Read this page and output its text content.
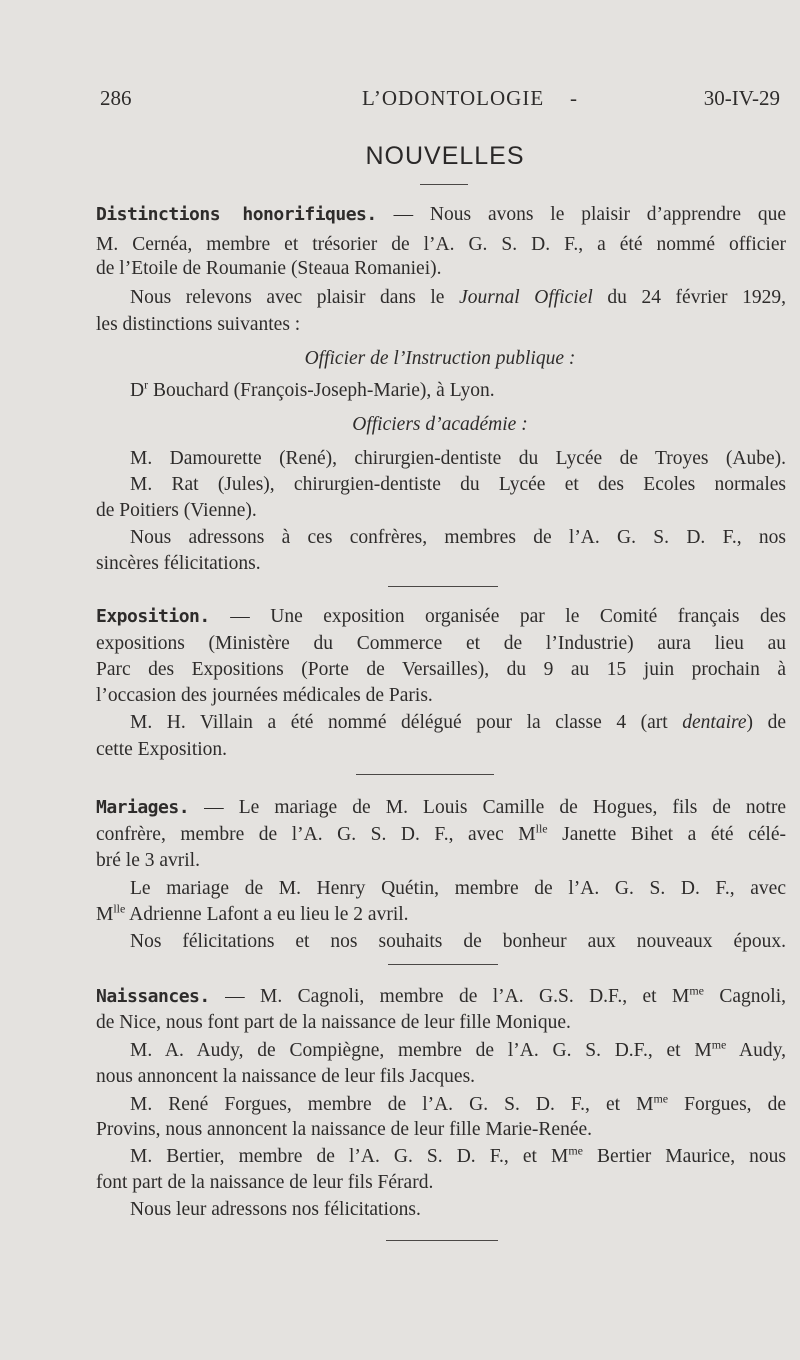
286	L’ODONTOLOGIE -	30-IV-29
NOUVELLES
Distinctions honorifiques. — Nous avons le plaisir d’apprendre que
M. Cernéa, membre et trésorier de l’A. G. S. D. F., a été nommé officier
de l’Etoile de Roumanie (Steaua Romaniei).
Nous relevons avec plaisir dans le Journal Officiel du 24 février 1929,
les distinctions suivantes :
Officier de l’Instruction publique :
$D^r$ Bouchard (François-Joseph-Marie), à Lyon.
Officiers d’académie :
M. Damourette (René), chirurgien-dentiste du Lycée de Troyes (Aube).
M. Rat (Jules), chirurgien-dentiste du Lycée et des Ecoles normales
de Poitiers (Vienne).
Nous adressons à ces confrères, membres de l’A. G. S. D. F., nos
sincères félicitations.
Exposition. — Une exposition organisée par le Comité français des
expositions (Ministère du Commerce et de l’Industrie) aura lieu au
Parc des Expositions (Porte de Versailles), du 9 au 15 juin prochain à
l’occasion des journées médicales de Paris.
M. H. Villain a été nommé délégué pour la classe 4 (art dentaire) de
cette Exposition.
Mariages. — Le mariage de M. Louis Camille de Hogues, fils de notre
confrère, membre de l’A. G. S. D. F., avec $M^{lle}$ Janette Bihet a été célé-
bré le 3 avril.
Le mariage de M. Henry Quétin, membre de l’A. G. S. D. F., avec
$M^{lle}$ Adrienne Lafont a eu lieu le 2 avril.
Nos félicitations et nos souhaits de bonheur aux nouveaux époux.
Naissances. — M. Cagnoli, membre de l’A. G.S. D.F., et $M^{me}$ Cagnoli,
de Nice, nous font part de la naissance de leur fille Monique.
M. A. Audy, de Compiègne, membre de l’A. G. S. D.F., et $M^{me}$ Audy,
nous annoncent la naissance de leur fils Jacques.
M. René Forgues, membre de l’A. G. S. D. F., et $M^{me}$ Forgues, de
Provins, nous annoncent la naissance de leur fille Marie-Renée.
M. Bertier, membre de l’A. G. S. D. F., et $M^{me}$ Bertier Maurice, nous
font part de la naissance de leur fils Férard.
Nous leur adressons nos félicitations.
